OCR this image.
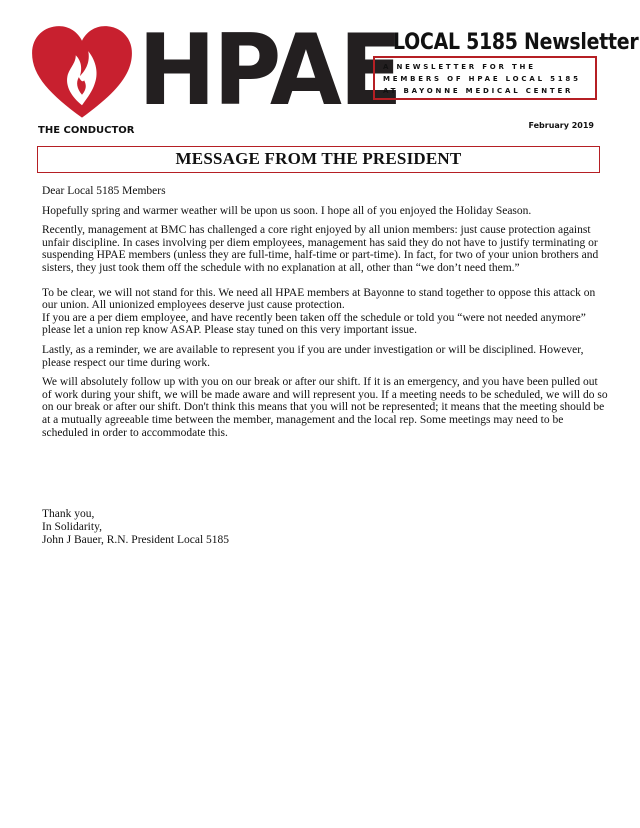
HPAE
LOCAL 5185 Newsletter
A NEWSLETTER FOR THE
MEMBERS OF HPAE LOCAL 5185
AT BAYONNE MEDICAL CENTER
THE CONDUCTOR	February 2019
MESSAGE FROM THE PRESIDENT

Dear Local 5185 Members

Hopefully spring and warmer weather will be upon us soon. I hope all of you enjoyed the Holiday Season.

Recently, management at BMC has challenged a core right enjoyed by all union members: just cause protection against unfair discipline. In cases involving per diem employees, management has said they do not have to justify terminating or suspending HPAE members (unless they are full-time, half-time or part-time). In fact, for two of your union brothers and sisters, they just took them off the schedule with no explanation at all, other than “we don’t need them.”

To be clear, we will not stand for this. We need all HPAE members at Bayonne to stand together to oppose this attack on our union. All unionized employees deserve just cause protection.

If you are a per diem employee, and have recently been taken off the schedule or told you “were not needed anymore” please let a union rep know ASAP. Please stay tuned on this very important issue.

Lastly, as a reminder, we are available to represent you if you are under investigation or will be disciplined. However, please respect our time during work.

We will absolutely follow up with you on our break or after our shift. If it is an emergency, and you have been pulled out of work during your shift, we will be made aware and will represent you. If a meeting needs to be scheduled, we will do so on our break or after our shift. Don't think this means that you will not be represented; it means that the meeting should be at a mutually agreeable time between the member, management and the local rep. Some meetings may need to be scheduled in order to accommodate this.

Thank you,
In Solidarity,
John J Bauer, R.N. President Local 5185
